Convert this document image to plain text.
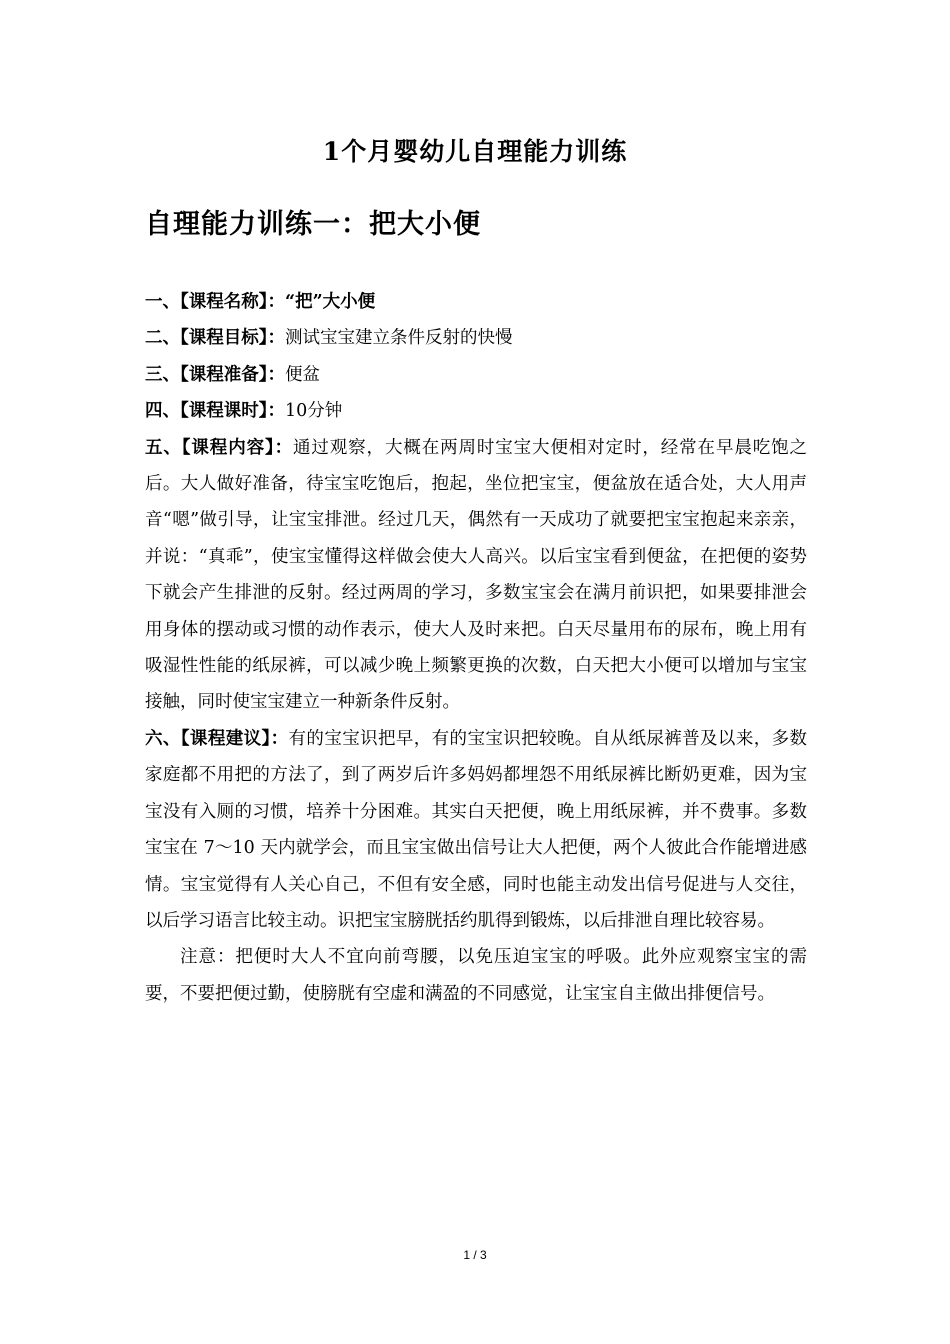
1个月婴幼儿自理能力训练
自理能力训练一：把大小便

一、【课程名称】：“把”大小便

二、【课程目标】：测试宝宝建立条件反射的快慢

三、【课程准备】：便盆

四、【课程课时】：10分钟

五、【课程内容】：通过观察，大概在两周时宝宝大便相对定时，经常在早晨吃饱之后。大人做好准备，待宝宝吃饱后，抱起，坐位把宝宝，便盆放在适合处，大人用声音“嗯”做引导，让宝宝排泄。经过几天，偶然有一天成功了就要把宝宝抱起来亲亲，并说：“真乖”，使宝宝懂得这样做会使大人高兴。以后宝宝看到便盆，在把便的姿势下就会产生排泄的反射。经过两周的学习，多数宝宝会在满月前识把，如果要排泄会用身体的摆动或习惯的动作表示，使大人及时来把。白天尽量用布的尿布，晚上用有吸湿性性能的纸尿裤，可以减少晚上频繁更换的次数，白天把大小便可以增加与宝宝接触，同时使宝宝建立一种新条件反射。

六、【课程建议】：有的宝宝识把早，有的宝宝识把较晚。自从纸尿裤普及以来，多数家庭都不用把的方法了，到了两岁后许多妈妈都埋怨不用纸尿裤比断奶更难，因为宝宝没有入厕的习惯，培养十分困难。其实白天把便，晚上用纸尿裤，并不费事。多数宝宝在 7～10 天内就学会，而且宝宝做出信号让大人把便，两个人彼此合作能增进感情。宝宝觉得有人关心自己，不但有安全感，同时也能主动发出信号促进与人交往，以后学习语言比较主动。识把宝宝膀胱括约肌得到锻炼，以后排泄自理比较容易。

注意：把便时大人不宜向前弯腰，以免压迫宝宝的呼吸。此外应观察宝宝的需要，不要把便过勤，使膀胱有空虚和满盈的不同感觉，让宝宝自主做出排便信号。

1 / 3
